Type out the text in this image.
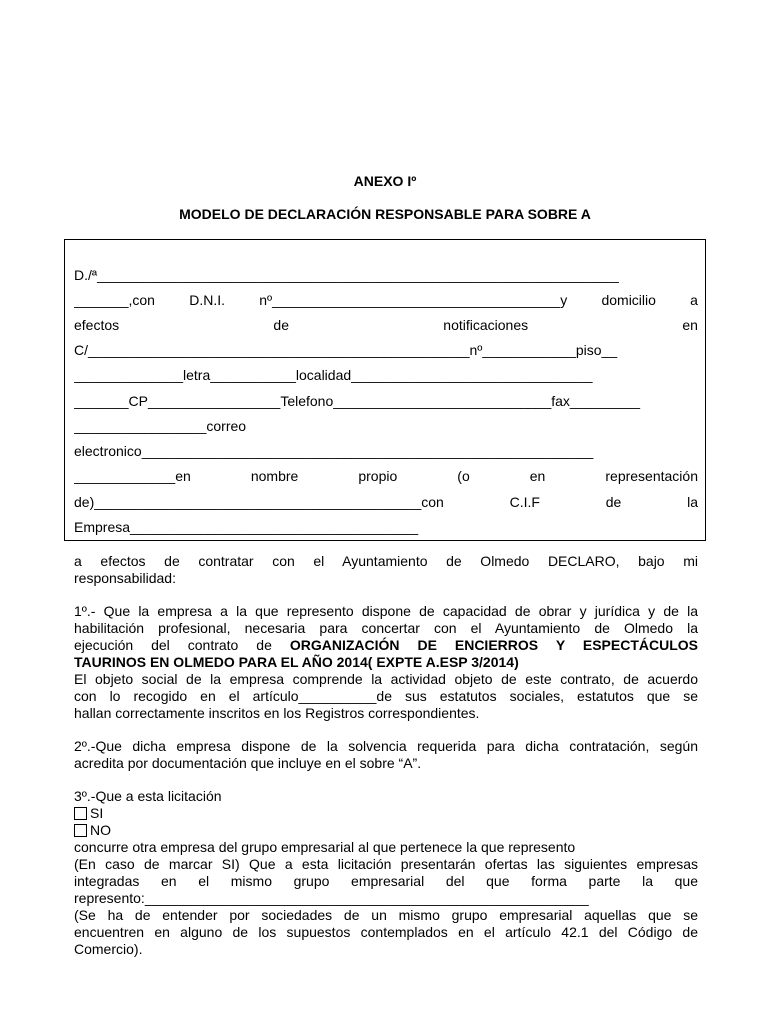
ANEXO Iº
MODELO DE DECLARACIÓN RESPONSABLE PARA SOBRE A
D./ª___________________________________________________________________
_______,con D.N.I. nº_____________________________________y domicilio a
efectos	de	notificaciones	en
C/_________________________________________________nº____________piso__
______________letra___________localidad_______________________________
_______CP_________________Telefono____________________________fax_________
_________________correo
electronico__________________________________________________________
_____________en	nombre	propio	(o	en	representación
de)__________________________________________con	C.I.F	de	la
Empresa_____________________________________
a efectos de contratar con el Ayuntamiento de Olmedo DECLARO, bajo mi
responsabilidad:
1º.- Que la empresa a la que represento dispone de capacidad de obrar y jurídica y de la
habilitación profesional, necesaria para concertar con el Ayuntamiento de Olmedo la
ejecución del contrato de ORGANIZACIÓN DE ENCIERROS Y ESPECTÁCULOS
TAURINOS EN OLMEDO PARA EL AÑO 2014( EXPTE A.ESP 3/2014)
El objeto social de la empresa comprende la actividad objeto de este contrato, de acuerdo
con lo recogido en el artículo__________de sus estatutos sociales, estatutos que se
hallan correctamente inscritos en los Registros correspondientes.
2º.-Que dicha empresa dispone de la solvencia requerida para dicha contratación, según
acredita por documentación que incluye en el sobre “A”.
3º.-Que a esta licitación
SI
NO
concurre otra empresa del grupo empresarial al que pertenece la que represento
(En caso de marcar SI) Que a esta licitación presentarán ofertas las siguientes empresas
integradas en el mismo grupo empresarial del que forma parte la que
represento:_________________________________________________________
(Se ha de entender por sociedades de un mismo grupo empresarial aquellas que se
encuentren en alguno de los supuestos contemplados en el artículo 42.1 del Código de
Comercio).
